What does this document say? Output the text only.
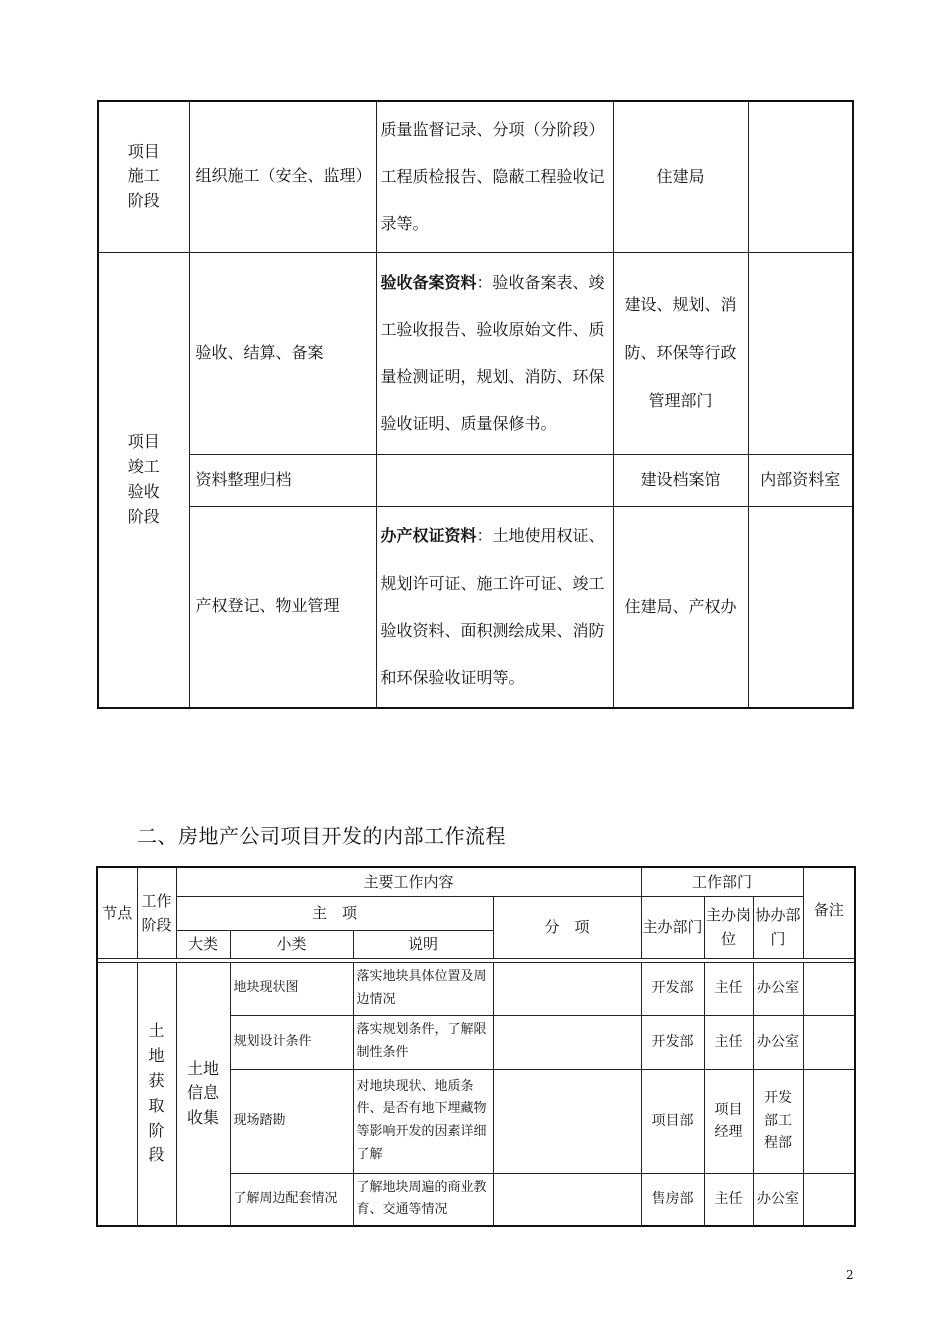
项目
施工
阶段	组织施工（安全、监理）	质量监督记录、分项（分阶段）工程质检报告、隐蔽工程验收记录等。	住建局	

项目
竣工
验收
阶段	验收、结算、备案	验收备案资料：验收备案表、竣工验收报告、验收原始文件、质量检测证明，规划、消防、环保验收证明、质量保修书。	建设、规划、消防、环保等行政管理部门	
	资料整理归档		建设档案馆	内部资料室
	产权登记、物业管理	办产权证资料：土地使用权证、规划许可证、施工许可证、竣工验收资料、面积测绘成果、消防和环保验收证明等。	住建局、产权办	
二、房地产公司项目开发的内部工作流程
节点	工作阶段	主要工作内容				工作部门			备注
		主　项			分　项	主办部门	主办岗位	协办部门	
		大类	小类	说明					

	土地获取阶段	土地信息收集	地块现状图	落实地块具体位置及周边情况		开发部	主任	办公室	
			规划设计条件	落实规划条件，了解限制性条件		开发部	主任	办公室	
			现场踏勘	对地块现状、地质条件、是否有地下埋藏物等影响开发的因素详细了解		项目部	项目经理	开发部工程部	
			了解周边配套情况	了解地块周遍的商业教育、交通等情况		售房部	主任	办公室	
2
